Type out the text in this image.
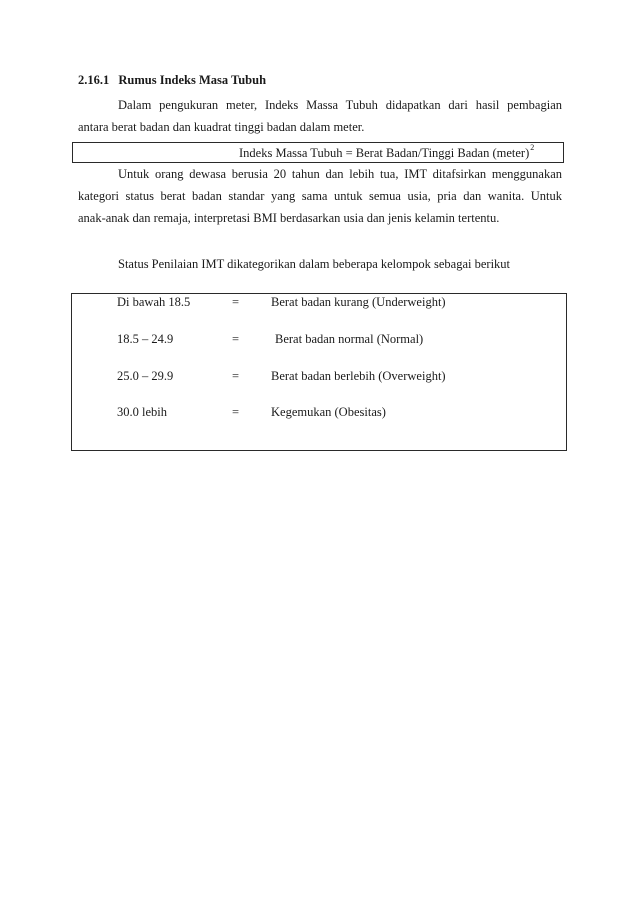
2.16.1 Rumus Indeks Masa Tubuh
Dalam pengukuran meter, Indeks Massa Tubuh didapatkan dari hasil pembagian
antara berat badan dan kuadrat tinggi badan dalam meter.
Indeks Massa Tubuh = Berat Badan/Tinggi Badan (meter)$^2$
Untuk orang dewasa berusia 20 tahun dan lebih tua, IMT ditafsirkan menggunakan
kategori status berat badan standar yang sama untuk semua usia, pria dan wanita. Untuk
anak-anak dan remaja, interpretasi BMI berdasarkan usia dan jenis kelamin tertentu.
Status Penilaian IMT dikategorikan dalam beberapa kelompok sebagai berikut
Di bawah 18.5	=	Berat badan kurang (Underweight)
18.5 – 24.9	=	Berat badan normal (Normal)
25.0 – 29.9	=	Berat badan berlebih (Overweight)
30.0 lebih	=	Kegemukan (Obesitas)
